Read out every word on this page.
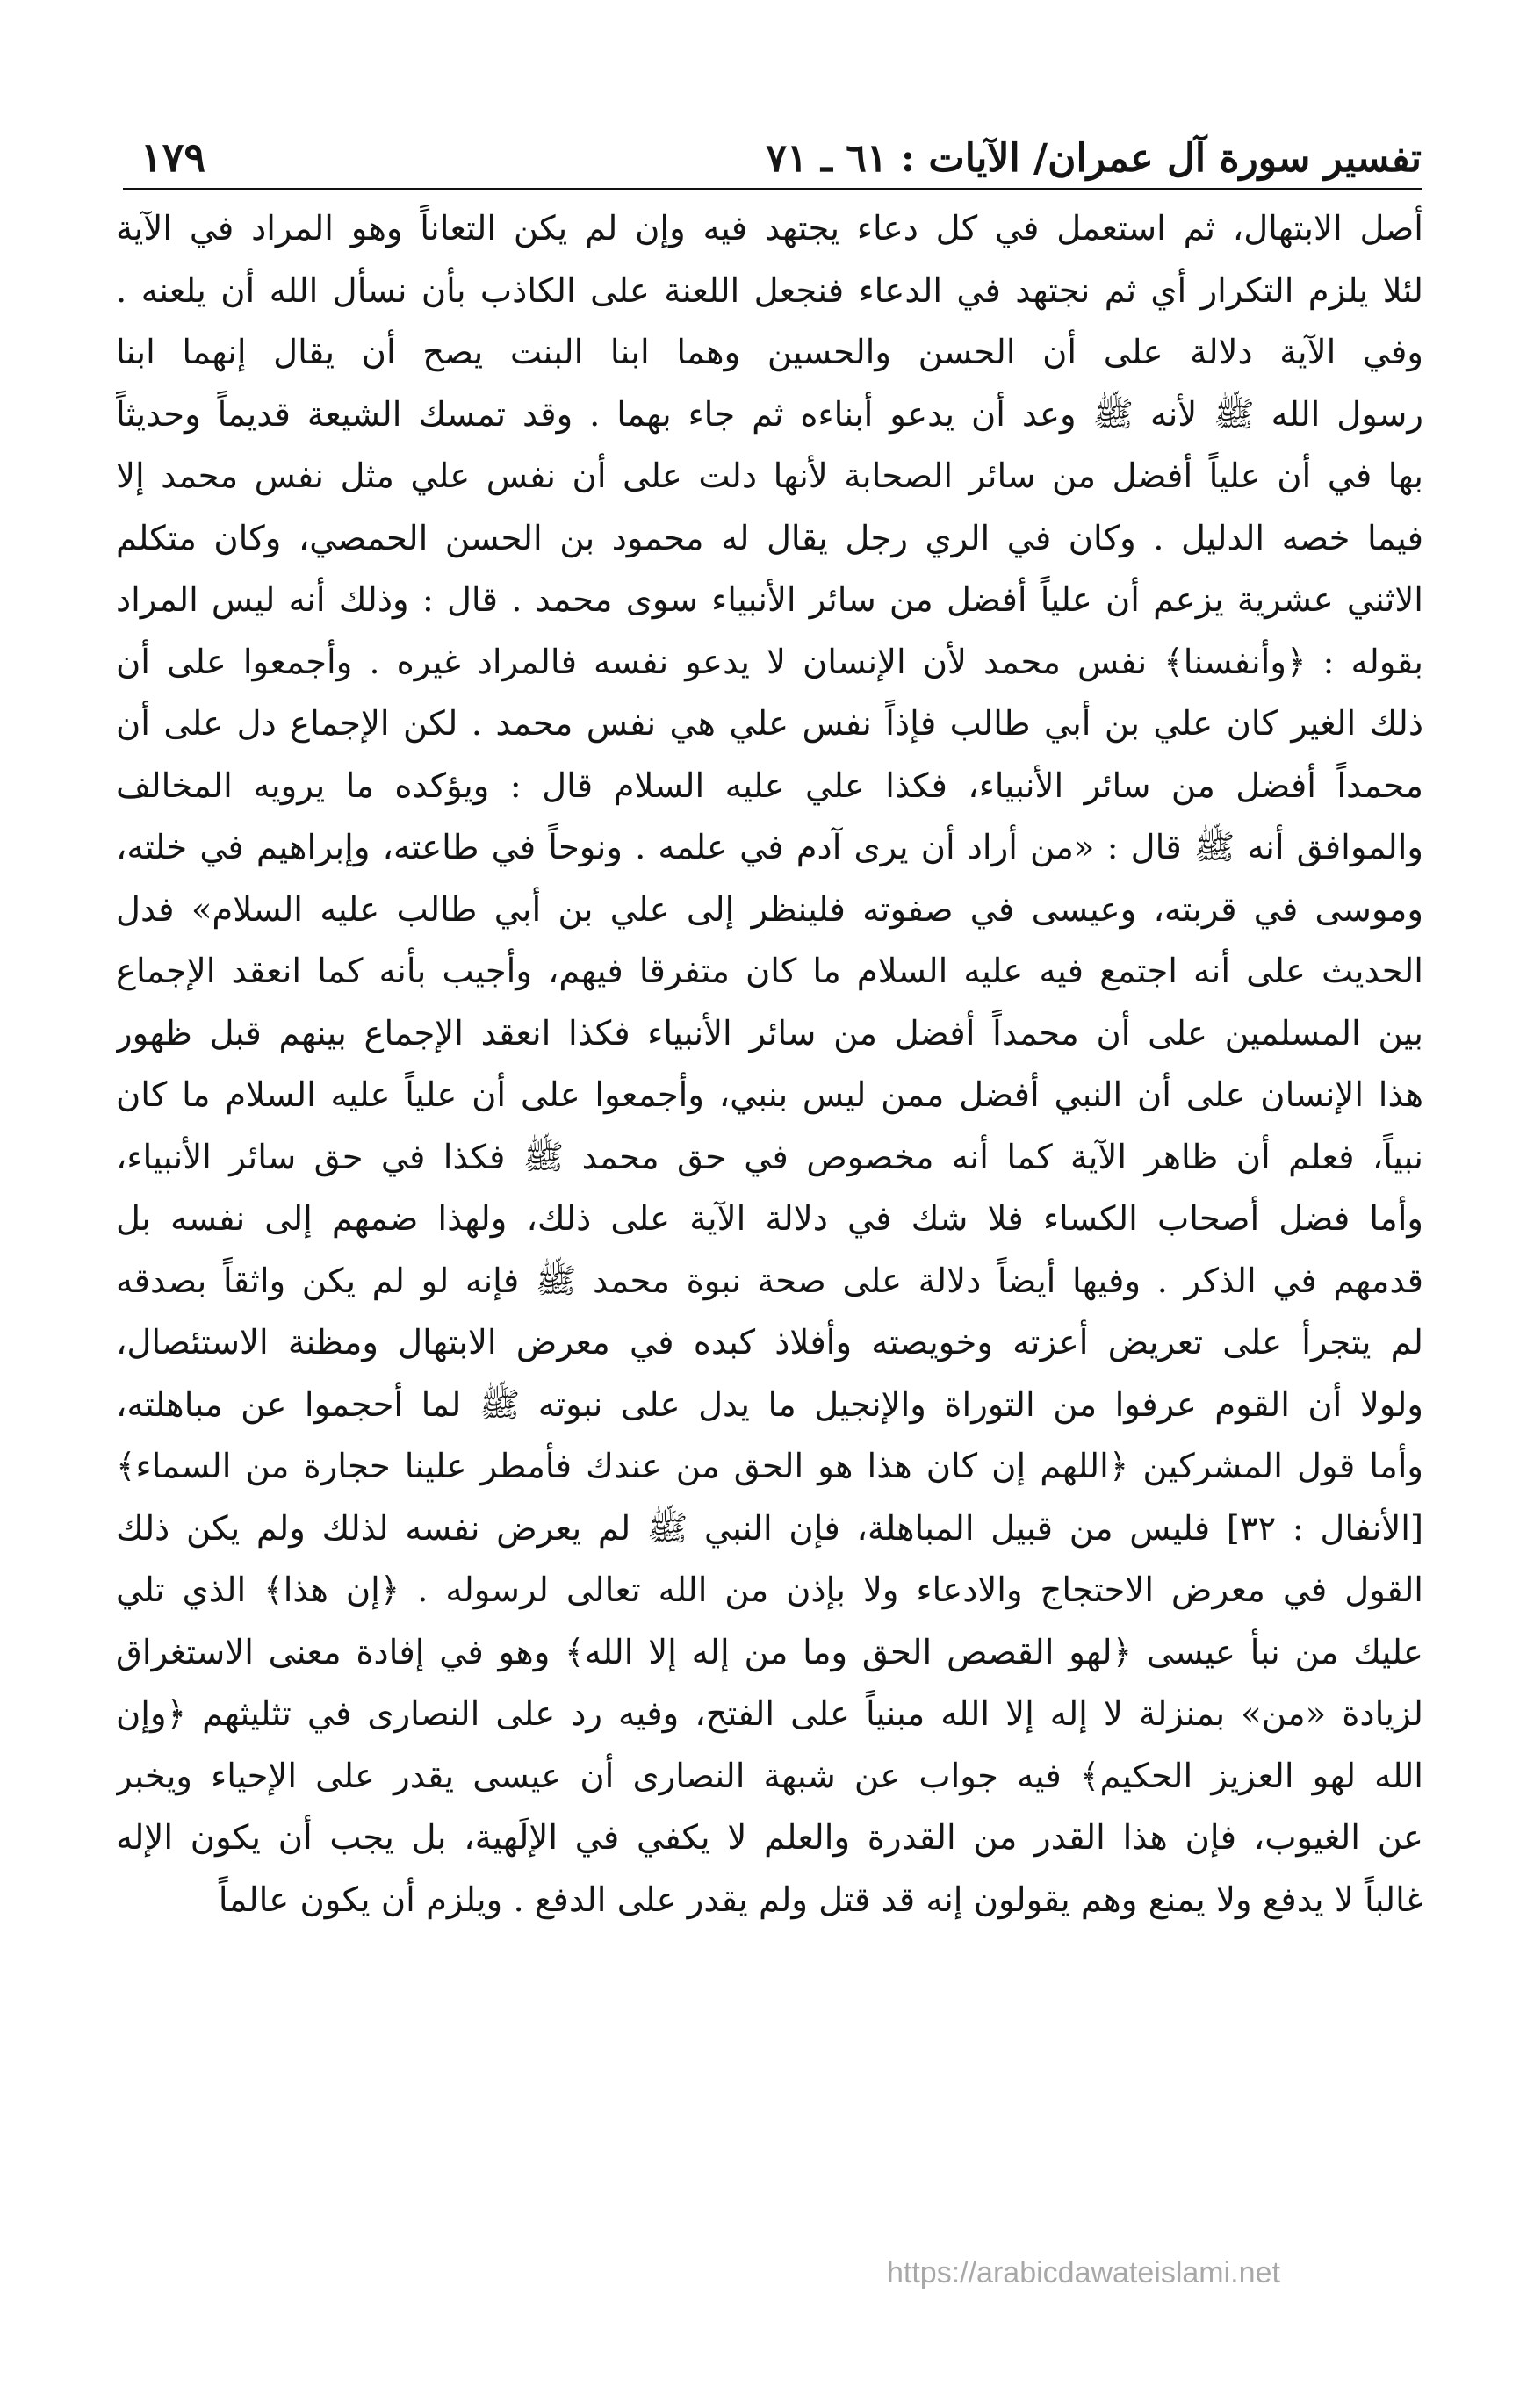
تفسير سورة آل عمران/ الآيات : ٦١ ـ ٧١
١٧٩
أصل الابتهال، ثم استعمل في كل دعاء يجتهد فيه وإن لم يكن التعاناً وهو المراد في الآية
لئلا يلزم التكرار أي ثم نجتهد في الدعاء فنجعل اللعنة على الكاذب بأن نسأل الله أن يلعنه .
وفي الآية دلالة على أن الحسن والحسين وهما ابنا البنت يصح أن يقال إنهما ابنا
رسول الله ﷺ لأنه ﷺ وعد أن يدعو أبناءه ثم جاء بهما . وقد تمسك الشيعة قديماً وحديثاً
بها في أن علياً أفضل من سائر الصحابة لأنها دلت على أن نفس علي مثل نفس محمد إلا
فيما خصه الدليل . وكان في الري رجل يقال له محمود بن الحسن الحمصي، وكان متكلم
الاثني عشرية يزعم أن علياً أفضل من سائر الأنبياء سوى محمد . قال : وذلك أنه ليس المراد
بقوله : ﴿وأنفسنا﴾ نفس محمد لأن الإنسان لا يدعو نفسه فالمراد غيره . وأجمعوا على أن
ذلك الغير كان علي بن أبي طالب فإذاً نفس علي هي نفس محمد . لكن الإجماع دل على أن
محمداً أفضل من سائر الأنبياء، فكذا علي عليه السلام قال : ويؤكده ما يرويه المخالف
والموافق أنه ﷺ قال : «من أراد أن يرى آدم في علمه . ونوحاً في طاعته، وإبراهيم في خلته،
وموسى في قربته، وعيسى في صفوته فلينظر إلى علي بن أبي طالب عليه السلام» فدل
الحديث على أنه اجتمع فيه عليه السلام ما كان متفرقا فيهم، وأجيب بأنه كما انعقد الإجماع
بين المسلمين على أن محمداً أفضل من سائر الأنبياء فكذا انعقد الإجماع بينهم قبل ظهور
هذا الإنسان على أن النبي أفضل ممن ليس بنبي، وأجمعوا على أن علياً عليه السلام ما كان
نبياً، فعلم أن ظاهر الآية كما أنه مخصوص في حق محمد ﷺ فكذا في حق سائر الأنبياء،
وأما فضل أصحاب الكساء فلا شك في دلالة الآية على ذلك، ولهذا ضمهم إلى نفسه بل
قدمهم في الذكر . وفيها أيضاً دلالة على صحة نبوة محمد ﷺ فإنه لو لم يكن واثقاً بصدقه
لم يتجرأ على تعريض أعزته وخويصته وأفلاذ كبده في معرض الابتهال ومظنة الاستئصال،
ولولا أن القوم عرفوا من التوراة والإنجيل ما يدل على نبوته ﷺ لما أحجموا عن مباهلته،
وأما قول المشركين ﴿اللهم إن كان هذا هو الحق من عندك فأمطر علينا حجارة من السماء﴾
[الأنفال : ٣٢] فليس من قبيل المباهلة، فإن النبي ﷺ لم يعرض نفسه لذلك ولم يكن ذلك
القول في معرض الاحتجاج والادعاء ولا بإذن من الله تعالى لرسوله . ﴿إن هذا﴾ الذي تلي
عليك من نبأ عيسى ﴿لهو القصص الحق وما من إله إلا الله﴾ وهو في إفادة معنى الاستغراق
لزيادة «من» بمنزلة لا إله إلا الله مبنياً على الفتح، وفيه رد على النصارى في تثليثهم ﴿وإن
الله لهو العزيز الحكيم﴾ فيه جواب عن شبهة النصارى أن عيسى يقدر على الإحياء ويخبر
عن الغيوب، فإن هذا القدر من القدرة والعلم لا يكفي في الإلَهية، بل يجب أن يكون الإله
غالباً لا يدفع ولا يمنع وهم يقولون إنه قد قتل ولم يقدر على الدفع . ويلزم أن يكون عالماً
https://arabicdawateislami.net
